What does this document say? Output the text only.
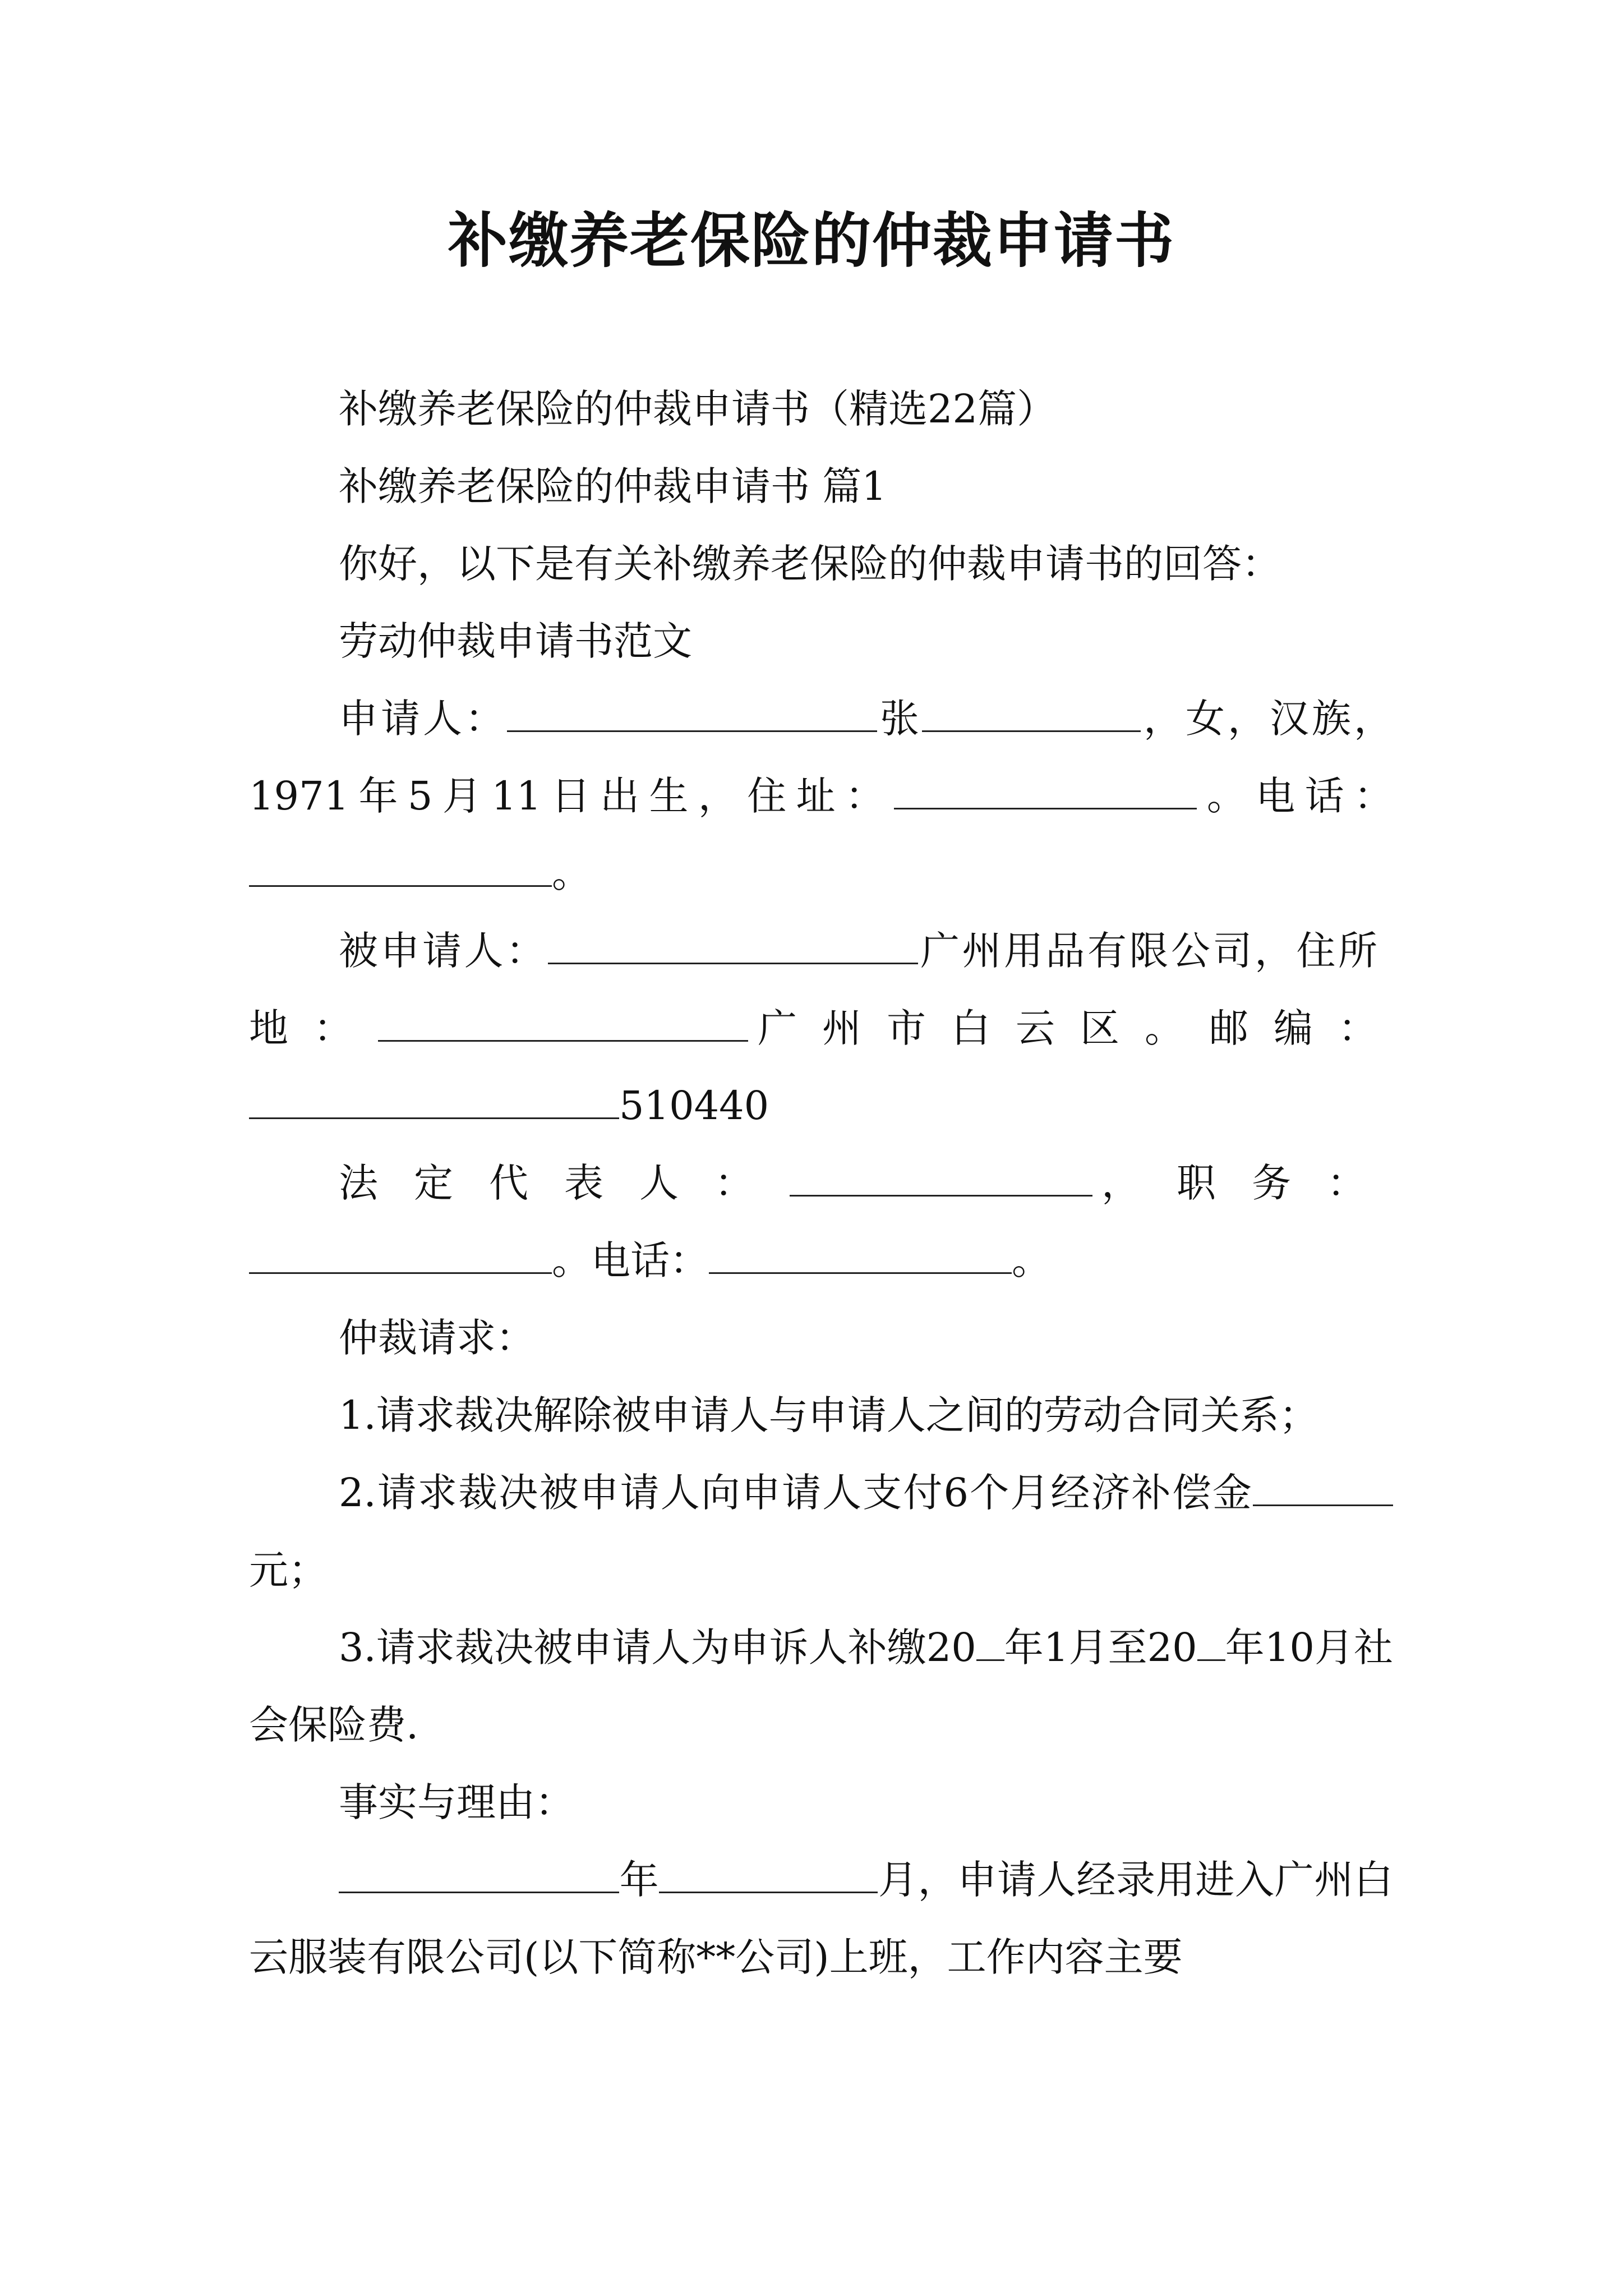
补缴养老保险的仲裁申请书

补缴养老保险的仲裁申请书（精选22篇）

补缴养老保险的仲裁申请书 篇1

你好，以下是有关补缴养老保险的仲裁申请书的回答：

劳动仲裁申请书范文

申请人：	张	，女，汉族，1971年5月11日出生，住址：	。电话：。

被申请人：	广州用品有限公司，住所地：	广州市白云区。邮编：510440

法定代表人：	，职务：。电话：	。

仲裁请求：

1.请求裁决解除被申请人与申请人之间的劳动合同关系；

2.请求裁决被申请人向申请人支付6个月经济补偿金元；

3.请求裁决被申请人为申诉人补缴20 年1月至20 年10月社会保险费.

事实与理由：

年	月，申请人经录用进入广州白云服装有限公司(以下简称**公司)上班，工作内容主要
